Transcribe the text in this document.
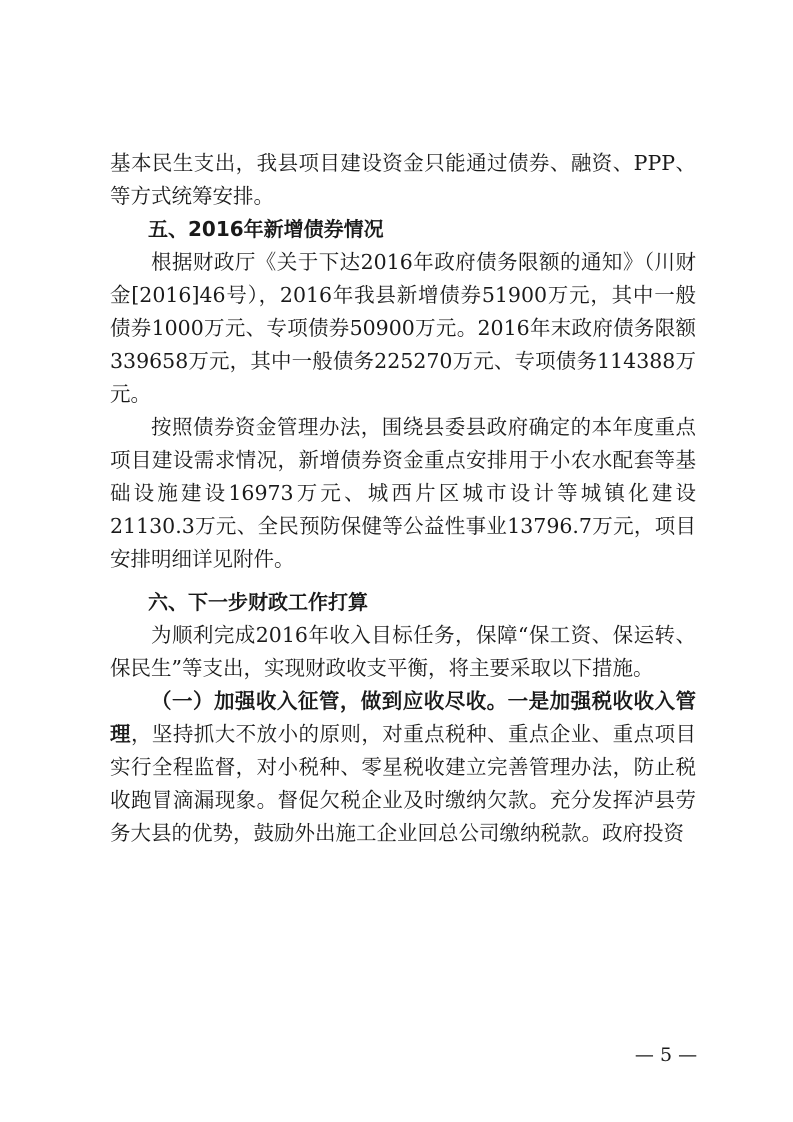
基本民生支出，我县项目建设资金只能通过债券、融资、PPP、等方式统筹安排。

五、2016年新增债券情况

根据财政厅《关于下达2016年政府债务限额的通知》（川财金[2016]46号），2016年我县新增债券51900万元，其中一般债券1000万元、专项债券50900万元。2016年末政府债务限额339658万元，其中一般债务225270万元、专项债务114388万元。

按照债券资金管理办法，围绕县委县政府确定的本年度重点项目建设需求情况，新增债券资金重点安排用于小农水配套等基础设施建设16973万元、城西片区城市设计等城镇化建设21130.3万元、全民预防保健等公益性事业13796.7万元，项目安排明细详见附件。

六、下一步财政工作打算

为顺利完成2016年收入目标任务，保障“保工资、保运转、保民生”等支出，实现财政收支平衡，将主要采取以下措施。

（一）加强收入征管，做到应收尽收。一是加强税收收入管理，坚持抓大不放小的原则，对重点税种、重点企业、重点项目实行全程监督，对小税种、零星税收建立完善管理办法，防止税收跑冒滴漏现象。督促欠税企业及时缴纳欠款。充分发挥泸县劳务大县的优势，鼓励外出施工企业回总公司缴纳税款。政府投资

— 5 —
